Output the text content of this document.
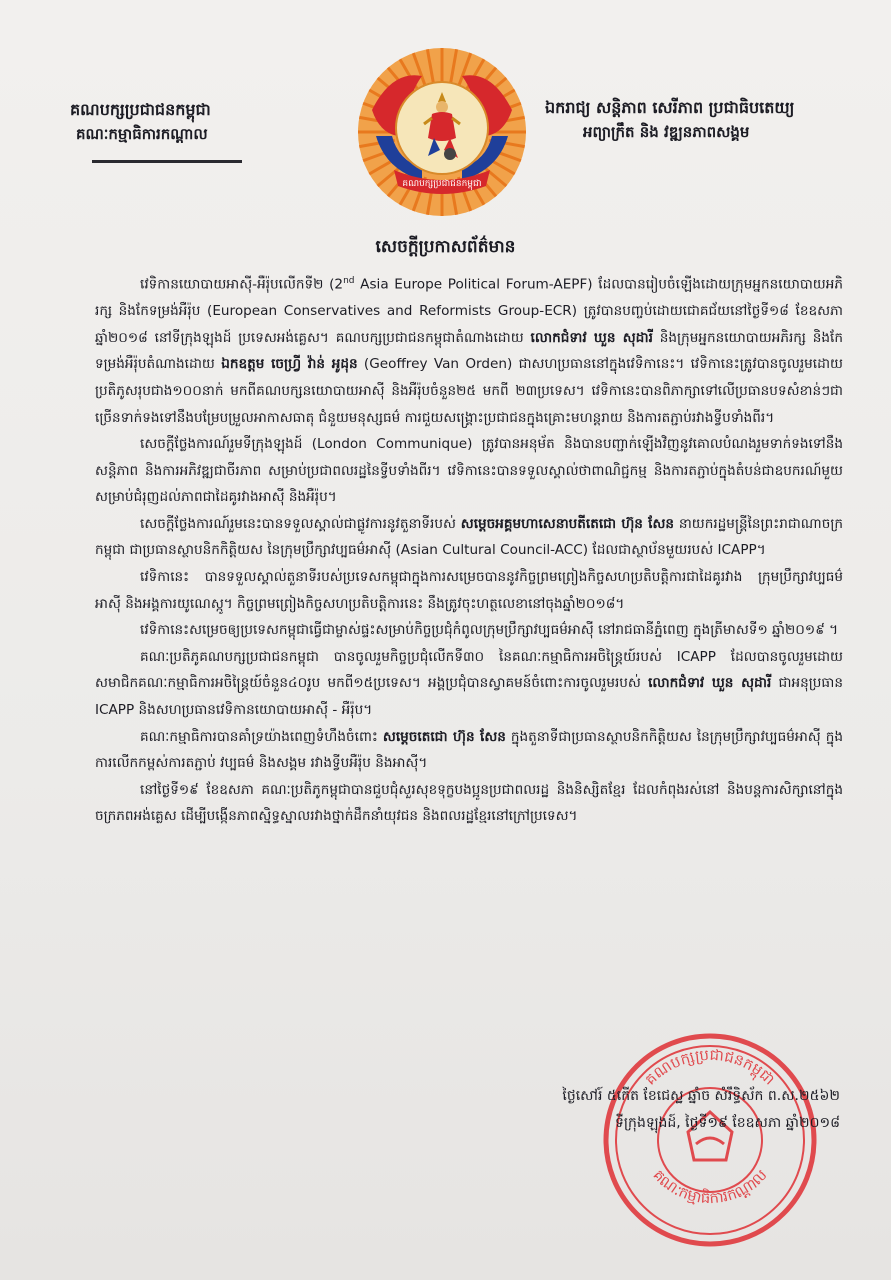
គណបក្សប្រជាជនកម្ពុជា
គណៈកម្មាធិការកណ្តាល
គណបក្សប្រជាជនកម្ពុជា
ឯករាជ្យ សន្តិភាព សេរីភាព ប្រជាធិបតេយ្យ
អព្យាក្រឹត និង វឌ្ឍនភាពសង្គម
សេចក្តីប្រកាសព័ត៌មាន

វេទិកានយោបាយអាស៊ី-អឺរ៉ុបលើកទី២ (2nd Asia Europe Political Forum-AEPF) ដែលបានរៀបចំឡើងដោយក្រុមអ្នកនយោបាយអភិរក្ស និងកែទម្រង់អឺរ៉ុប (European Conservatives and Reformists Group-ECR) ត្រូវបានបញ្ចប់ដោយជោគជ័យនៅថ្ងៃទី១៨ ខែឧសភា ឆ្នាំ២០១៨ នៅទីក្រុងឡុងដ៍ ប្រទេសអង់គ្លេស។ គណបក្សប្រជាជនកម្ពុជាតំណាងដោយ លោកជំទាវ ឃួន សុដារី និងក្រុមអ្នកនយោបាយអភិរក្ស និងកែទម្រង់អឺរ៉ុបតំណាងដោយ ឯកឧត្តម ចេហ្វ្រី វ៉ាន់ អូដុន (Geoffrey Van Orden) ជាសហប្រធាននៅក្នុងវេទិកានេះ។ វេទិកានេះត្រូវបានចូលរួមដោយប្រតិភូសរុបជាង១០០នាក់ មកពីគណបក្សនយោបាយអាស៊ី និងអឺរ៉ុបចំនួន២៥ មកពី ២៣ប្រទេស។ វេទិកានេះបានពិភាក្សាទៅលើប្រធានបទសំខាន់ៗជាច្រើនទាក់ទងទៅនឹងបម្រែបម្រួលអាកាសធាតុ ជំនួយមនុស្សធម៌ ការជួយសង្គ្រោះប្រជាជនក្នុងគ្រោះមហន្តរាយ និងការតភ្ជាប់រវាងទ្វីបទាំងពីរ។

សេចក្តីថ្លែងការណ៍រួមទីក្រុងឡុងដ៍ (London Communique) ត្រូវបានអនុម័ត និងបានបញ្ជាក់ឡើងវិញនូវគោលបំណងរួមទាក់ទងទៅនឹងសន្តិភាព និងការអភិវឌ្ឍជាចីរភាព សម្រាប់ប្រជាពលរដ្ឋនៃទ្វីបទាំងពីរ។ វេទិកានេះបានទទួលស្គាល់ថាពាណិជ្ជកម្ម និងការតភ្ជាប់ក្នុងតំបន់ជាឧបករណ៍មួយសម្រាប់ជំរុញដល់ភាពជាដៃគូរវាងអាស៊ី និងអឺរ៉ុប។

សេចក្តីថ្លែងការណ៍រួមនេះបានទទួលស្គាល់ជាផ្លូវការនូវតួនាទីរបស់ សម្តេចអគ្គមហាសេនាបតីតេជោ ហ៊ុន សែន នាយករដ្ឋមន្ត្រីនៃព្រះរាជាណាចក្រកម្ពុជា ជាប្រធានស្ថាបនិកកិត្តិយស នៃក្រុមប្រឹក្សាវប្បធម៌អាស៊ី (Asian Cultural Council-ACC) ដែលជាស្ថាប័នមួយរបស់ ICAPP។

វេទិកានេះ បានទទួលស្គាល់តួនាទីរបស់ប្រទេសកម្ពុជាក្នុងការសម្រេចបាននូវកិច្ចព្រមព្រៀងកិច្ចសហប្រតិបត្តិការជាដៃគូរវាង ក្រុមប្រឹក្សាវប្បធម៌អាស៊ី និងអង្គការយូណេស្កូ។ កិច្ចព្រមព្រៀងកិច្ចសហប្រតិបត្តិការនេះ នឹងត្រូវចុះហត្ថលេខានៅចុងឆ្នាំ២០១៨។

វេទិកានេះសម្រេចឲ្យប្រទេសកម្ពុជាធ្វើជាម្ចាស់ផ្ទះសម្រាប់កិច្ចប្រជុំកំពូលក្រុមប្រឹក្សាវប្បធម៌អាស៊ី នៅរាជធានីភ្នំពេញ ក្នុងត្រីមាសទី១ ឆ្នាំ២០១៩ ។

គណៈប្រតិភូគណបក្សប្រជាជនកម្ពុជា បានចូលរួមកិច្ចប្រជុំលើកទី៣០ នៃគណៈកម្មាធិការអចិន្ត្រៃយ៍របស់ ICAPP ដែលបានចូលរួមដោយសមាជិកគណៈកម្មាធិការអចិន្ត្រៃយ៍ចំនួន៤០រូប មកពី១៥ប្រទេស។ អង្គប្រជុំបានស្វាគមន៍ចំពោះការចូលរួមរបស់ លោកជំទាវ ឃួន សុដារី ជាអនុប្រធាន ICAPP និងសហប្រធានវេទិកានយោបាយអាស៊ី - អឺរ៉ុប។

គណៈកម្មាធិការបានគាំទ្រយ៉ាងពេញទំហឹងចំពោះ សម្តេចតេជោ ហ៊ុន សែន ក្នុងតួនាទីជាប្រធានស្ថាបនិកកិត្តិយស នៃក្រុមប្រឹក្សាវប្បធម៌អាស៊ី ក្នុងការលើកកម្ពស់ការតភ្ជាប់ វប្បធម៌ និងសង្គម រវាងទ្វីបអឺរ៉ុប និងអាស៊ី។

នៅថ្ងៃទី១៩ ខែឧសភា គណៈប្រតិភូកម្ពុជាបានជួបជុំសួរសុខទុក្ខបងប្អូនប្រជាពលរដ្ឋ និងនិស្សិតខ្មែរ ដែលកំពុងរស់នៅ និងបន្តការសិក្សានៅក្នុងចក្រភពអង់គ្លេស ដើម្បីបង្កើនភាពស្និទ្ធស្នាលរវាងថ្នាក់ដឹកនាំយុវជន និងពលរដ្ឋខ្មែរនៅក្រៅប្រទេស។

គណបក្សប្រជាជនកម្ពុជា
គណៈកម្មាធិការកណ្តាល
ថ្ងៃសៅរ៍ ៥កើត ខែជេស្ឋ ឆ្នាំច សំរឹទ្ធិស័ក ព.ស.២៥៦២
ទីក្រុងឡុងដ៍, ថ្ងៃទី១៩ ខែឧសភា ឆ្នាំ២០១៨
